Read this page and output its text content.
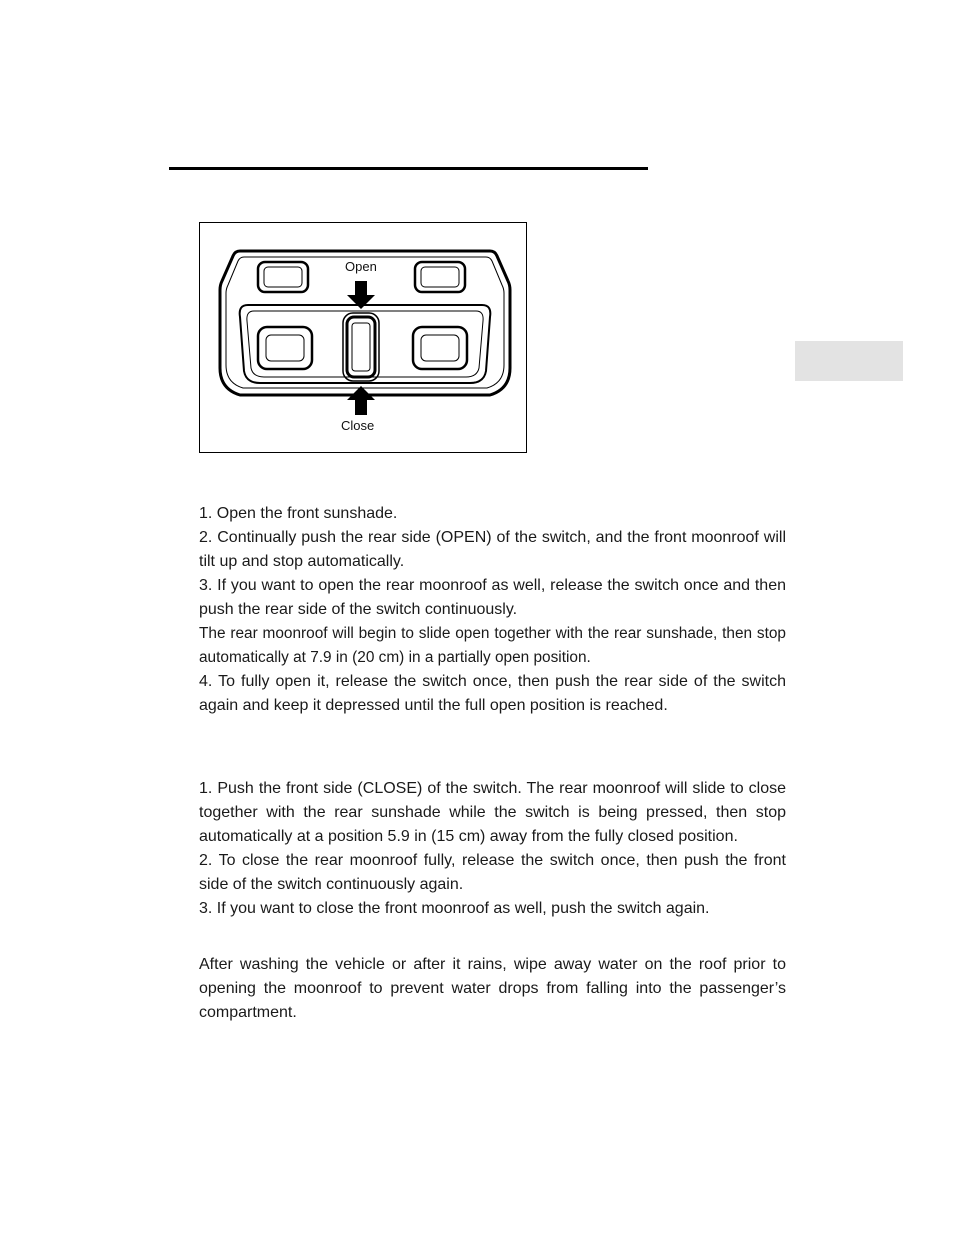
Open
Close

1. Open the front sunshade.

2. Continually push the rear side (OPEN) of the switch, and the front moonroof will tilt up and stop automatically.

3. If you want to open the rear moonroof as well, release the switch once and then push the rear side of the switch continuously.

The rear moonroof will begin to slide open together with the rear sunshade, then stop automatically at 7.9 in (20 cm) in a partially open position.

4. To fully open it, release the switch once, then push the rear side of the switch again and keep it depressed until the full open position is reached.

1. Push the front side (CLOSE) of the switch. The rear moonroof will slide to close together with the rear sunshade while the switch is being pressed, then stop automatically at a position 5.9 in (15 cm) away from the fully closed position.

2. To close the rear moonroof fully, release the switch once, then push the front side of the switch continuously again.

3. If you want to close the front moonroof as well, push the switch again.

After washing the vehicle or after it rains, wipe away water on the roof prior to opening the moonroof to prevent water drops from falling into the passenger’s compartment.
